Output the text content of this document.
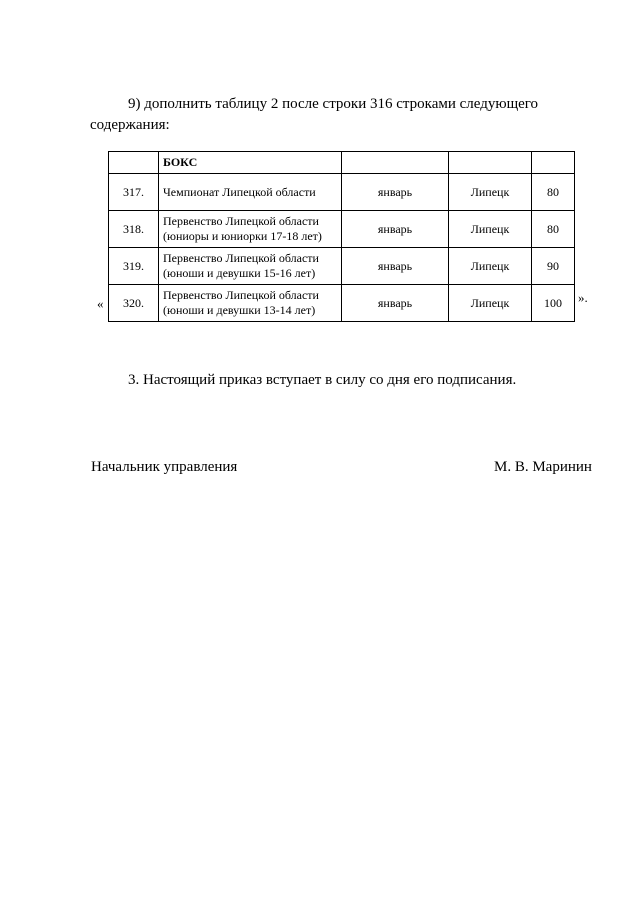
9) дополнить таблицу 2 после строки 316 строками следующего
содержания:

«
	БОКС			
317.	Чемпионат Липецкой области	январь	Липецк	80
318.	Первенство Липецкой области
(юниоры и юниорки 17-18 лет)	январь	Липецк	80
319.	Первенство Липецкой области
(юноши и девушки 15-16 лет)	январь	Липецк	90
320.	Первенство Липецкой области
(юноши и девушки 13-14 лет)	январь	Липецк	100 ».

3. Настоящий приказ вступает в силу со дня его подписания.

Начальник управления	М. В. Маринин
